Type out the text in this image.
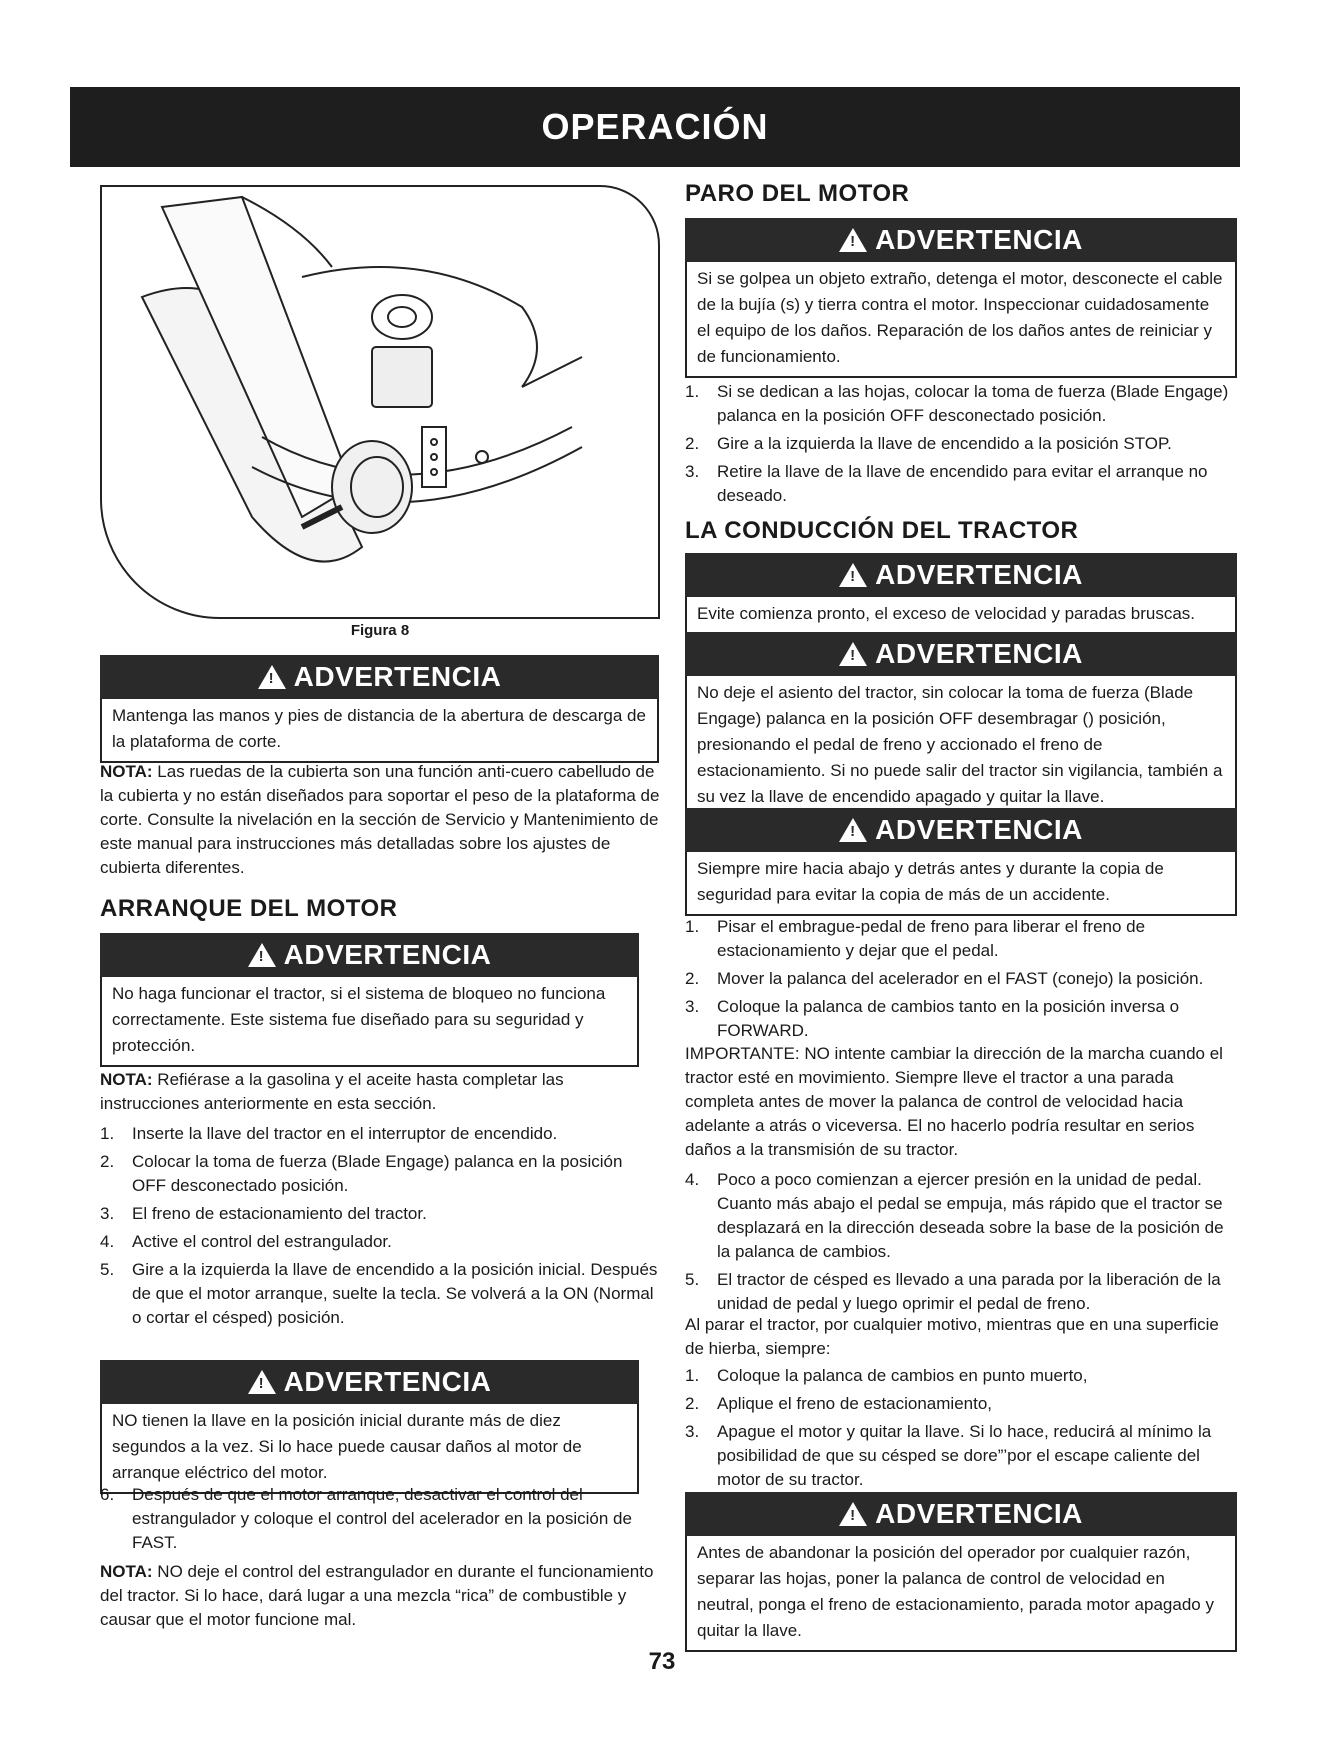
OPERACIÓN
Figura 8
!
ADVERTENCIA
Mantenga las manos y pies de distancia de la abertura de descarga de la plataforma de corte.
NOTA: Las ruedas de la cubierta son una función anti-cuero cabelludo de la cubierta y no están diseñados para soportar el peso de la plataforma de corte. Consulte la nivelación en la sección de Servicio y Mantenimiento de este manual para instrucciones más detalladas sobre los ajustes de cubierta diferentes.
ARRANQUE DEL MOTOR
!
ADVERTENCIA
No haga funcionar el tractor, si el sistema de bloqueo no funciona correctamente. Este sistema fue diseñado para su seguridad y protección.
NOTA: Refiérase a la gasolina y el aceite hasta completar las instrucciones anteriormente en esta sección.
1. Inserte la llave del tractor en el interruptor de encendido.
2. Colocar la toma de fuerza (Blade Engage) palanca en la posición OFF desconectado posición.
3. El freno de estacionamiento del tractor.
4. Active el control del estrangulador.
5. Gire a la izquierda la llave de encendido a la posición inicial. Después de que el motor arranque, suelte la tecla. Se volverá a la ON (Normal o cortar el césped) posición.
!
ADVERTENCIA
NO tienen la llave en la posición inicial durante más de diez segundos a la vez. Si lo hace puede causar daños al motor de arranque eléctrico del motor.
6. Después de que el motor arranque, desactivar el control del estrangulador y coloque el control del acelerador en la posición de FAST.
NOTA: NO deje el control del estrangulador en durante el funcionamiento del tractor. Si lo hace, dará lugar a una mezcla “rica” de combustible y causar que el motor funcione mal.
PARO DEL MOTOR
!
ADVERTENCIA
Si se golpea un objeto extraño, detenga el motor, desconecte el cable de la bujía (s) y tierra contra el motor. Inspeccionar cuidadosamente el equipo de los daños. Reparación de los daños antes de reiniciar y de funcionamiento.
1. Si se dedican a las hojas, colocar la toma de fuerza (Blade Engage) palanca en la posición OFF desconectado posición.
2. Gire a la izquierda la llave de encendido a la posición STOP.
3. Retire la llave de la llave de encendido para evitar el arranque no deseado.
LA CONDUCCIÓN DEL TRACTOR
!
ADVERTENCIA
Evite comienza pronto, el exceso de velocidad y paradas bruscas.
!
ADVERTENCIA
No deje el asiento del tractor, sin colocar la toma de fuerza (Blade Engage) palanca en la posición OFF desembragar () posición, presionando el pedal de freno y accionado el freno de estacionamiento. Si no puede salir del tractor sin vigilancia, también a su vez la llave de encendido apagado y quitar la llave.
!
ADVERTENCIA
Siempre mire hacia abajo y detrás antes y durante la copia de seguridad para evitar la copia de más de un accidente.
1. Pisar el embrague-pedal de freno para liberar el freno de estacionamiento y dejar que el pedal.
2. Mover la palanca del acelerador en el FAST (conejo) la posición.
3. Coloque la palanca de cambios tanto en la posición inversa o FORWARD.
IMPORTANTE: NO intente cambiar la dirección de la marcha cuando el tractor esté en movimiento. Siempre lleve el tractor a una parada completa antes de mover la palanca de control de velocidad hacia adelante a atrás o viceversa. El no hacerlo podría resultar en serios daños a la transmisión de su tractor.
4. Poco a poco comienzan a ejercer presión en la unidad de pedal. Cuanto más abajo el pedal se empuja, más rápido que el tractor se desplazará en la dirección deseada sobre la base de la posición de la palanca de cambios.
5. El tractor de césped es llevado a una parada por la liberación de la unidad de pedal y luego oprimir el pedal de freno.
Al parar el tractor, por cualquier motivo, mientras que en una superficie de hierba, siempre:
1. Coloque la palanca de cambios en punto muerto,
2. Aplique el freno de estacionamiento,
3. Apague el motor y quitar la llave. Si lo hace, reducirá al mínimo la posibilidad de que su césped se dore”’por el escape caliente del motor de su tractor.
!
ADVERTENCIA
Antes de abandonar la posición del operador por cualquier razón, separar las hojas, poner la palanca de control de velocidad en neutral, ponga el freno de estacionamiento, parada motor apagado y quitar la llave.
73
